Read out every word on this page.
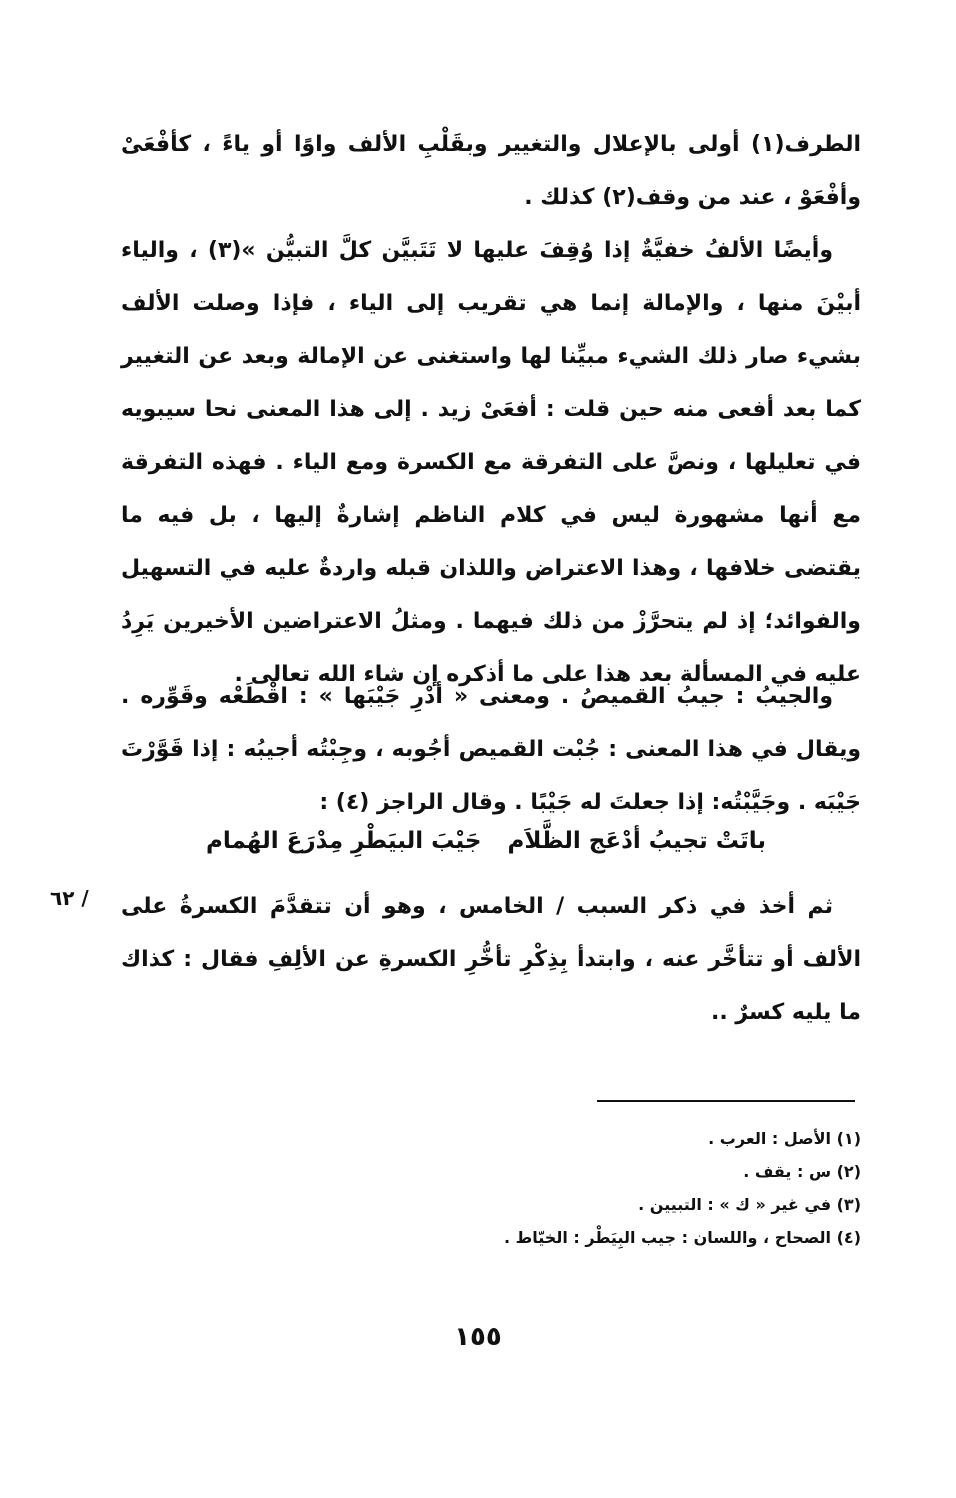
الطرف(١) أولى بالإعلال والتغيير وبقَلْبِ الألف واوًا أو ياءً ، كأفْعَىْ وأفْعَوْ ، عند من وقف(٢) كذلك .

وأيضًا الألفُ خفيَّةٌ إذا وُقِفَ عليها لا تَتَبيَّن كلَّ التبيُّن »(٣) ، والياء أبيْنَ منها ، والإمالة إنما هي تقريب إلى الياء ، فإذا وصلت الألف بشيء صار ذلك الشيء مبيِّنا لها واستغنى عن الإمالة وبعد عن التغيير كما بعد أفعى منه حين قلت : أفعَىْ زيد . إلى هذا المعنى نحا سيبويه في تعليلها ، ونصَّ على التفرقة مع الكسرة ومع الياء . فهذه التفرقة مع أنها مشهورة ليس في كلام الناظم إشارةٌ إليها ، بل فيه ما يقتضى خلافها ، وهذا الاعتراض واللذان قبله واردةٌ عليه في التسهيل والفوائد؛ إذ لم يتحرَّزْ من ذلك فيهما . ومثلُ الاعتراضين الأخيرين يَرِدُ عليه في المسألة بعد هذا على ما أذكره إن شاء الله تعالى .

والجيبُ : جيبُ القميصُ . ومعنى « أدْرِ جَيْبَها » : اقْطَعْه وقَوِّره . ويقال في هذا المعنى : جُبْت القميص أجُوبه ، وجِبْتُه أجيبُه : إذا قَوَّرْتَ جَيْبَه . وجَيَّبْتُه: إذا جعلتَ له جَيْبًا . وقال الراجز (٤) :

باتَتْ تجيبُ أدْعَج الظَّلاَم
جَيْبَ البيَطْرِ مِدْرَعَ الهُمام

ثم أخذ في ذكر السبب / الخامس ، وهو أن تتقدَّمَ الكسرةُ على الألف أو تتأخَّر عنه ، وابتدأ بِذِكْرِ تأخُّرِ الكسرةِ عن الألِفِ فقال : كذاك ما يليه كسرٌ ..

/ ٦٢
(١) الأصل : العرب .
(٢) س : يقف .
(٣) في غير « ك » : التبيين .
(٤) الصحاح ، واللسان : جيب البِيَطْر : الخيّاط .
١٥٥
